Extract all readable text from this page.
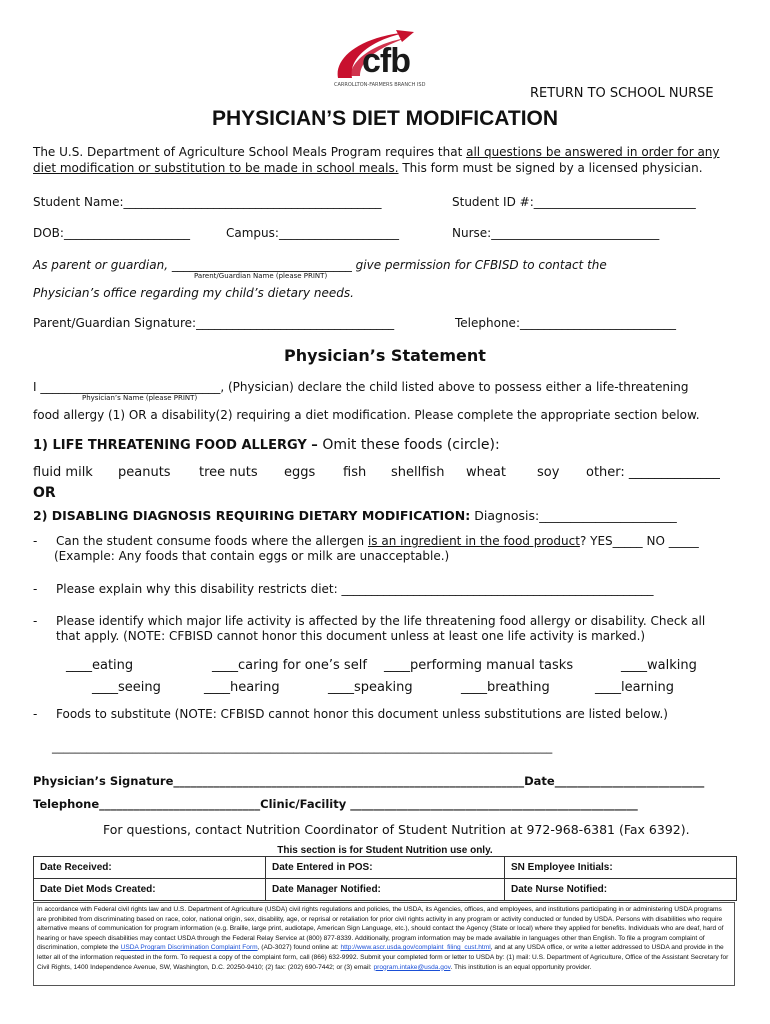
cfb
CARROLLTON-FARMERS BRANCH ISD
RETURN TO SCHOOL NURSE
PHYSICIAN’S DIET MODIFICATION
The U.S. Department of Agriculture School Meals Program requires that all questions be answered in order for any diet modification or substitution to be made in school meals. This form must be signed by a licensed physician.
Student Name:___________________________________________	Student ID #:___________________________
DOB:_____________________	Campus:____________________	Nurse:____________________________
As parent or guardian, ______________________________ give permission for CFBISD to contact the
Parent/Guardian Name (please PRINT)
Physician’s office regarding my child’s dietary needs.
Parent/Guardian Signature:_________________________________	Telephone:__________________________
Physician’s Statement
I ______________________________, (Physician) declare the child listed above to possess either a life-threatening
Physician’s Name (please PRINT)
food allergy (1) OR a disability(2) requiring a diet modification. Please complete the appropriate section below.
1) LIFE THREATENING FOOD ALLERGY – Omit these foods (circle):
fluid milk peanuts tree nuts eggs fish shellfish wheat soy other: ______________
OR
2) DISABLING DIAGNOSIS REQUIRING DIETARY MODIFICATION: Diagnosis:______________________
- Can the student consume foods where the allergen is an ingredient in the food product? YES_____ NO _____
(Example: Any foods that contain eggs or milk are unacceptable.)
- Please explain why this disability restricts diet: ____________________________________________________
- Please identify which major life activity is affected by the life threatening food allergy or disability. Check all
that apply. (NOTE: CFBISD cannot honor this document unless at least one life activity is marked.)
____eating	____caring for one’s self ____performing manual tasks	____walking
____seeing	____hearing	____speaking	____breathing	____learning
- Foods to substitute (NOTE: CFBISD cannot honor this document unless substitutions are listed below.)
_______________________________________________________________________________________
Physician’s Signature_____________________________________________________________Date__________________________
Telephone____________________________Clinic/Facility __________________________________________________
For questions, contact Nutrition Coordinator of Student Nutrition at 972-968-6381 (Fax 6392).
This section is for Student Nutrition use only.		
Date Received:	Date Entered in POS:	SN Employee Initials:
Date Diet Mods Created:	Date Manager Notified:	Date Nurse Notified:

In accordance with Federal civil rights law and U.S. Department of Agriculture (USDA) civil rights regulations and policies, the USDA, its Agencies, offices, and employees, and institutions participating in or administering USDA programs are prohibited from discriminating based on race, color, national origin, sex, disability, age, or reprisal or retaliation for prior civil rights activity in any program or activity conducted or funded by USDA. Persons with disabilities who require alternative means of communication for program information (e.g. Braille, large print, audiotape, American Sign Language, etc.), should contact the Agency (State or local) where they applied for benefits. Individuals who are deaf, hard of hearing or have speech disabilities may contact USDA through the Federal Relay Service at (800) 877-8339. Additionally, program information may be made available in languages other than English. To file a program complaint of discrimination, complete the USDA Program Discrimination Complaint Form, (AD-3027) found online at: http://www.ascr.usda.gov/complaint_filing_cust.html, and at any USDA office, or write a letter addressed to USDA and provide in the letter all of the information requested in the form. To request a copy of the complaint form, call (866) 632-9992. Submit your completed form or letter to USDA by: (1) mail: U.S. Department of Agriculture, Office of the Assistant Secretary for Civil Rights, 1400 Independence Avenue, SW, Washington, D.C. 20250-9410; (2) fax: (202) 690-7442; or (3) email: program.intake@usda.gov. This institution is an equal opportunity provider.
